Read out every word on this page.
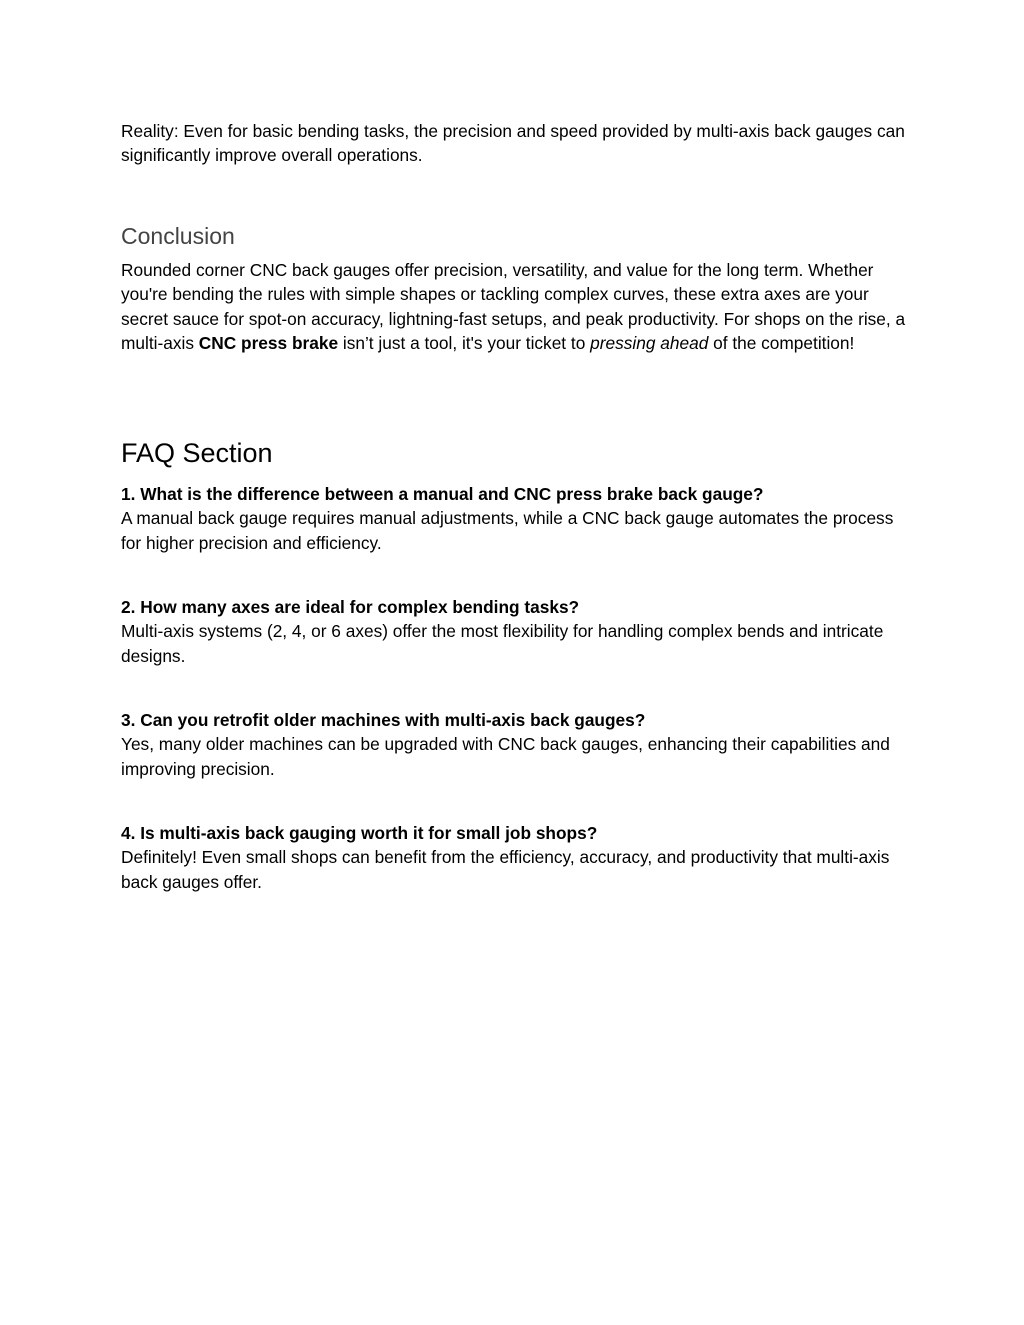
Reality: Even for basic bending tasks, the precision and speed provided by multi-axis back gauges can significantly improve overall operations.

Conclusion

Rounded corner CNC back gauges offer precision, versatility, and value for the long term. Whether you're bending the rules with simple shapes or tackling complex curves, these extra axes are your secret sauce for spot-on accuracy, lightning-fast setups, and peak productivity. For shops on the rise, a multi-axis CNC press brake isn’t just a tool, it's your ticket to pressing ahead of the competition!

FAQ Section
1. What is the difference between a manual and CNC press brake back gauge?
A manual back gauge requires manual adjustments, while a CNC back gauge automates the process for higher precision and efficiency.
2. How many axes are ideal for complex bending tasks?
Multi-axis systems (2, 4, or 6 axes) offer the most flexibility for handling complex bends and intricate designs.
3. Can you retrofit older machines with multi-axis back gauges?
Yes, many older machines can be upgraded with CNC back gauges, enhancing their capabilities and improving precision.
4. Is multi-axis back gauging worth it for small job shops?
Definitely! Even small shops can benefit from the efficiency, accuracy, and productivity that multi-axis back gauges offer.
